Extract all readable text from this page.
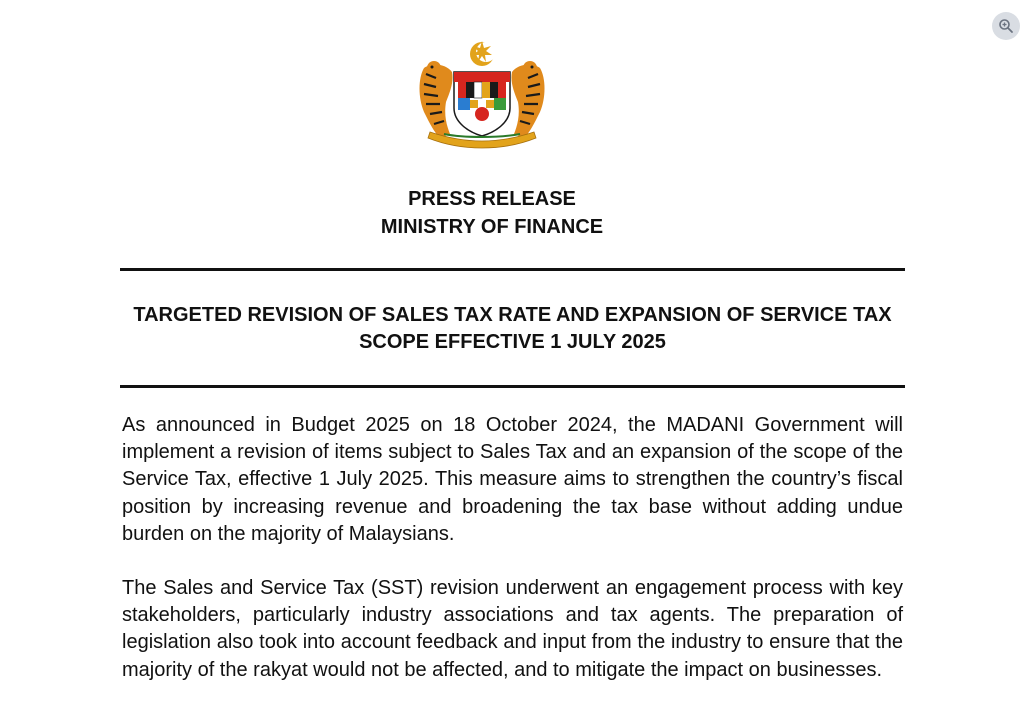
PRESS RELEASE
MINISTRY OF FINANCE
TARGETED REVISION OF SALES TAX RATE AND EXPANSION OF SERVICE TAX SCOPE EFFECTIVE 1 JULY 2025

As announced in Budget 2025 on 18 October 2024, the MADANI Government will implement a revision of items subject to Sales Tax and an expansion of the scope of the Service Tax, effective 1 July 2025. This measure aims to strengthen the country’s fiscal position by increasing revenue and broadening the tax base without adding undue burden on the majority of Malaysians.

The Sales and Service Tax (SST) revision underwent an engagement process with key stakeholders, particularly industry associations and tax agents. The preparation of legislation also took into account feedback and input from the industry to ensure that the majority of the rakyat would not be affected, and to mitigate the impact on businesses.
